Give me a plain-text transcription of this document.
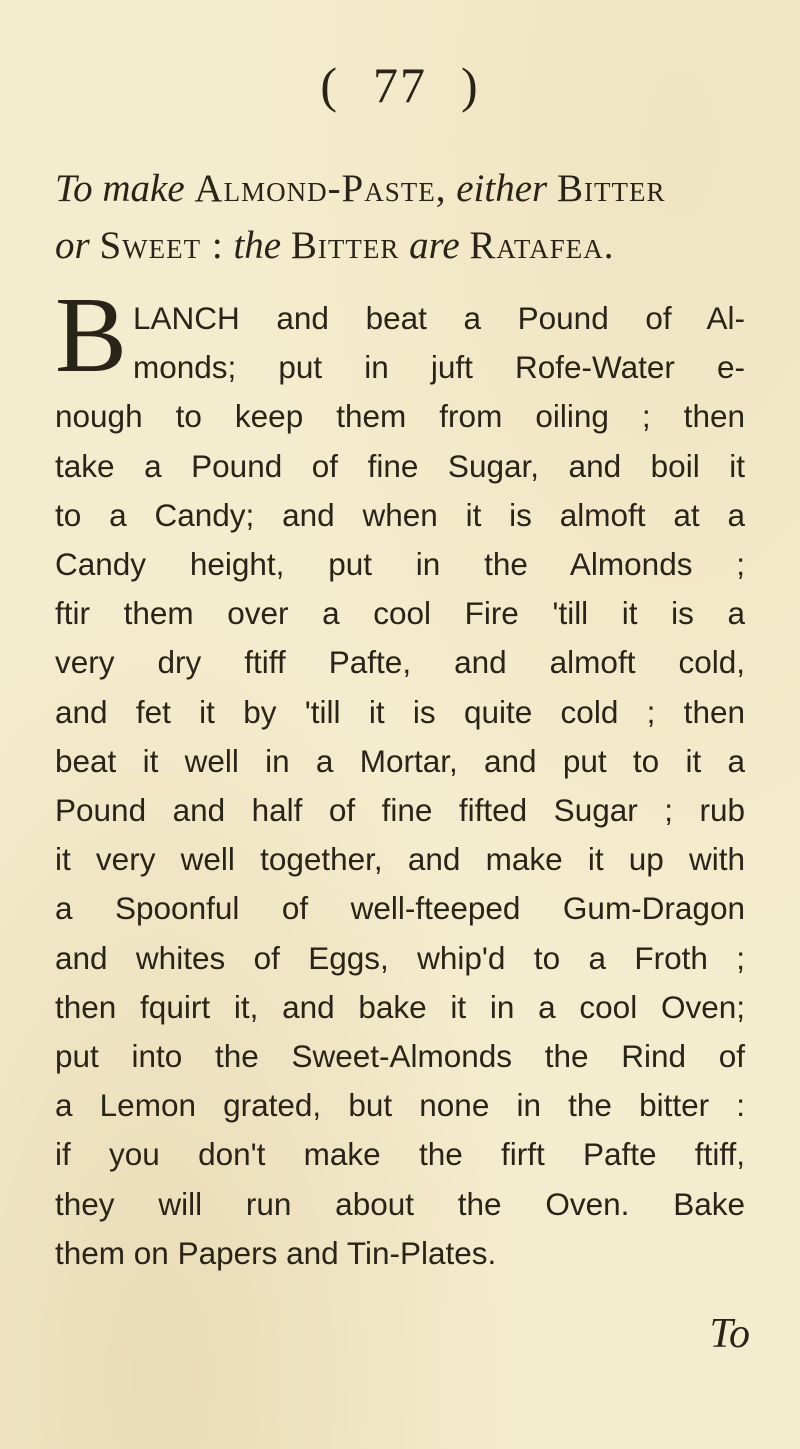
( 77 )
To make Almond-Paste, either Bitter
or Sweet : the Bitter are Ratafea.
B LANCH and beat a Pound of Al-
monds; put in juft Rofe-Water e-
nough to keep them from oiling ; then
take a Pound of fine Sugar, and boil it
to a Candy; and when it is almoft at a
Candy height, put in the Almonds ;
ftir them over a cool Fire 'till it is a
very dry ftiff Pafte, and almoft cold,
and fet it by 'till it is quite cold ; then
beat it well in a Mortar, and put to it a
Pound and half of fine fifted Sugar ; rub
it very well together, and make it up with
a Spoonful of well-fteeped Gum-Dragon
and whites of Eggs, whip'd to a Froth ;
then fquirt it, and bake it in a cool Oven;
put into the Sweet-Almonds the Rind of
a Lemon grated, but none in the bitter :
if you don't make the firft Pafte ftiff,
they will run about the Oven. Bake
them on Papers and Tin-Plates.
To
